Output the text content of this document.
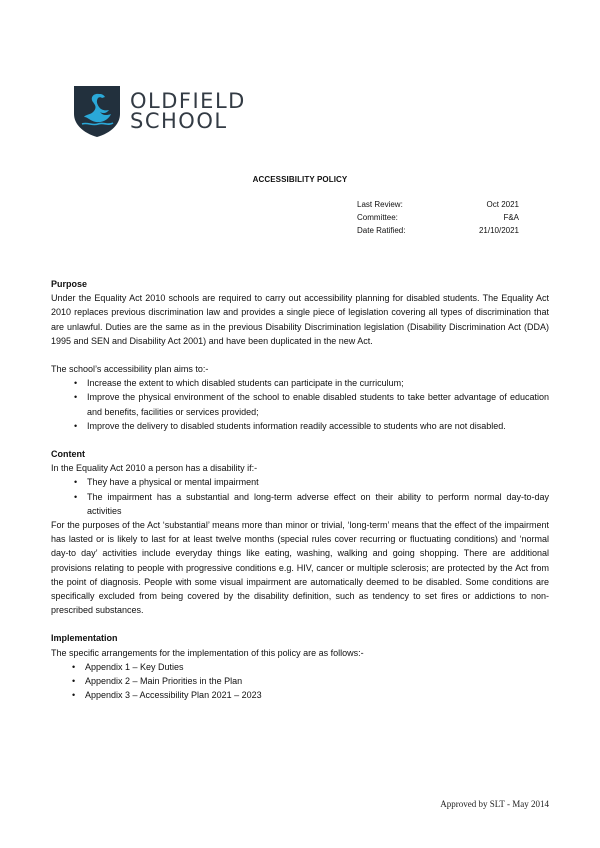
OLDFIELD
SCHOOL
ACCESSIBILITY POLICY
Last Review:	Oct 2021
Committee:	F&A
Date Ratified:	21/10/2021
Purpose

Under the Equality Act 2010 schools are required to carry out accessibility planning for disabled students. The Equality Act 2010 replaces previous discrimination law and provides a single piece of legislation covering all types of discrimination that are unlawful. Duties are the same as in the previous Disability Discrimination legislation (Disability Discrimination Act (DDA) 1995 and SEN and Disability Act 2001) and have been duplicated in the new Act.

The school’s accessibility plan aims to:-
• Increase the extent to which disabled students can participate in the curriculum;
• Improve the physical environment of the school to enable disabled students to take better advantage of education and benefits, facilities or services provided;
• Improve the delivery to disabled students information readily accessible to students who are not disabled.
Content
In the Equality Act 2010 a person has a disability if:-
• They have a physical or mental impairment
• The impairment has a substantial and long-term adverse effect on their ability to perform normal day-to-day activities

For the purposes of the Act ‘substantial’ means more than minor or trivial, ‘long-term’ means that the effect of the impairment has lasted or is likely to last for at least twelve months (special rules cover recurring or fluctuating conditions) and ‘normal day-to day’ activities include everyday things like eating, washing, walking and going shopping. There are additional provisions relating to people with progressive conditions e.g. HIV, cancer or multiple sclerosis; are protected by the Act from the point of diagnosis. People with some visual impairment are automatically deemed to be disabled. Some conditions are specifically excluded from being covered by the disability definition, such as tendency to set fires or addictions to non-prescribed substances.

Implementation
The specific arrangements for the implementation of this policy are as follows:-
• Appendix 1 – Key Duties
• Appendix 2 – Main Priorities in the Plan
• Appendix 3 – Accessibility Plan 2021 – 2023
Approved by SLT - May 2014
